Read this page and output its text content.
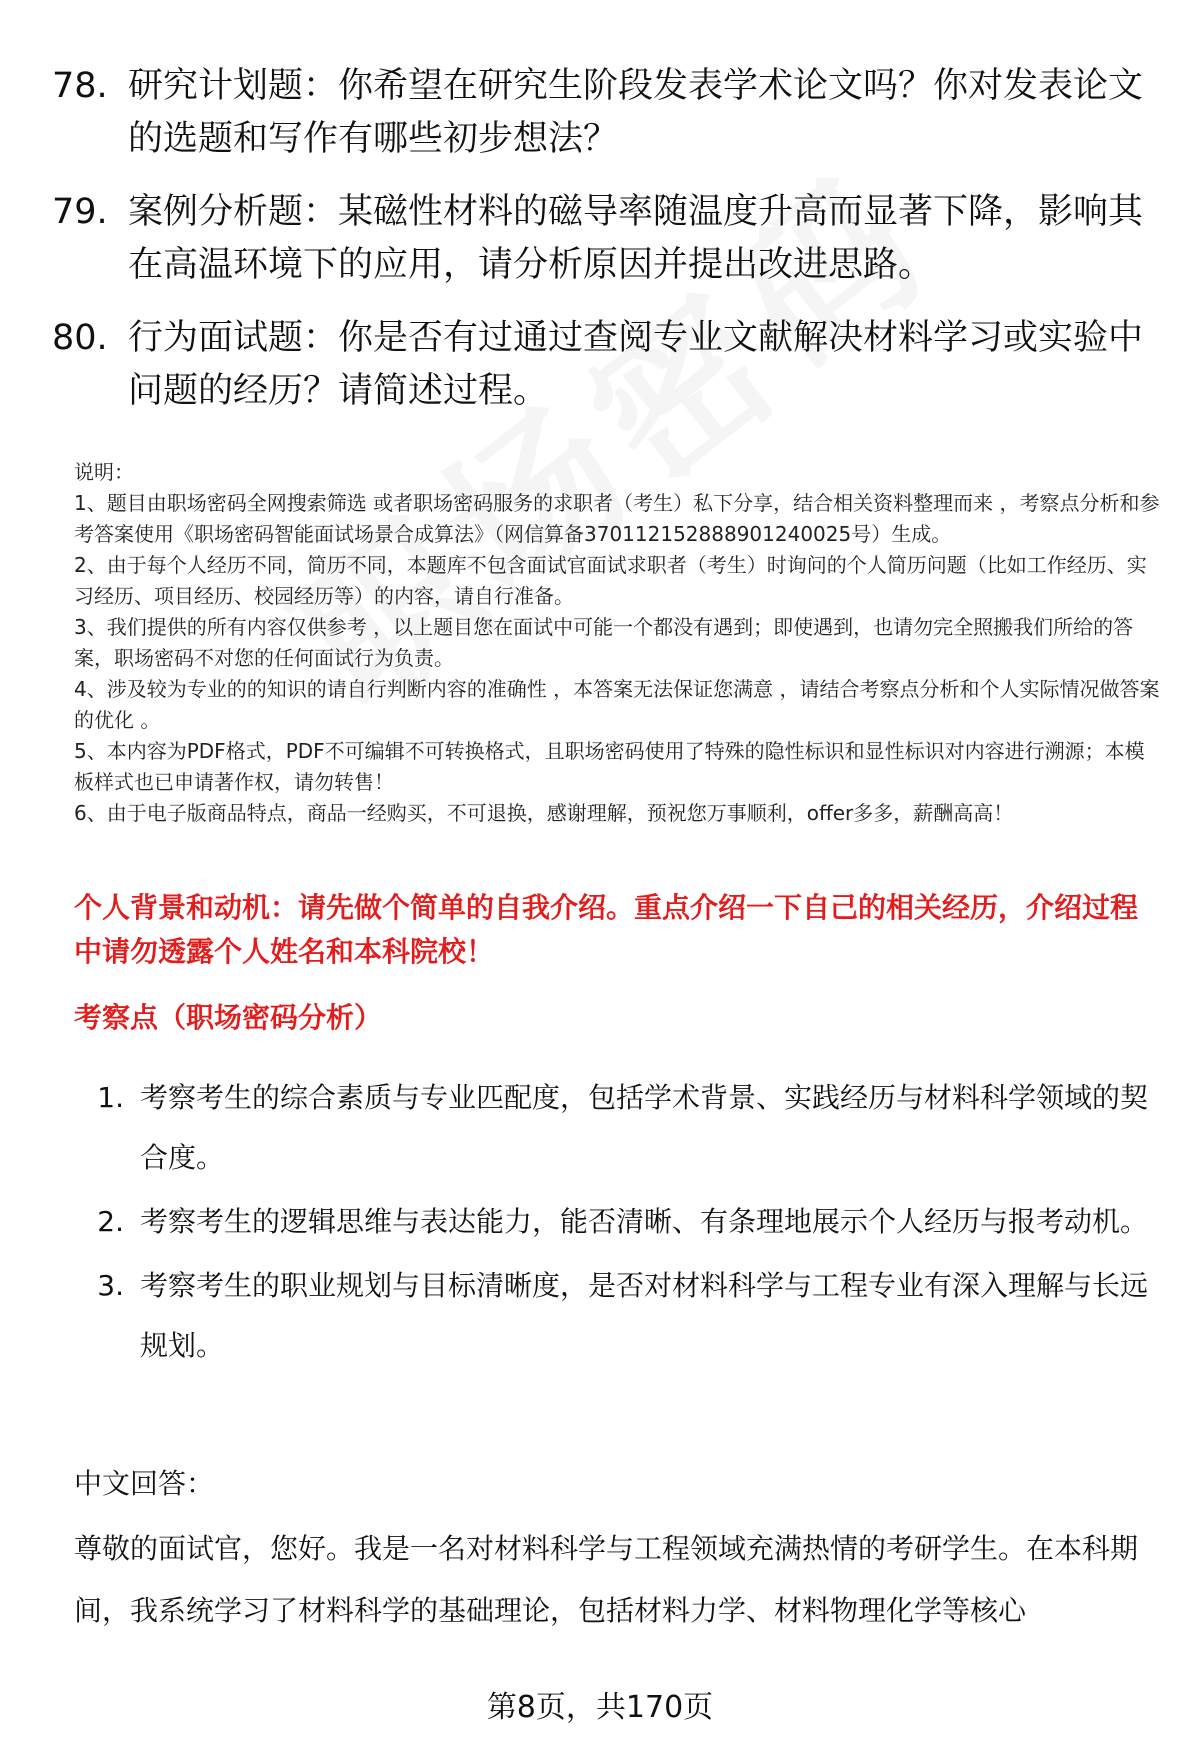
78. 研究计划题：你希望在研究生阶段发表学术论文吗？你对发表论文的选题和写作有哪些初步想法？
79. 案例分析题：某磁性材料的磁导率随温度升高而显著下降，影响其在高温环境下的应用，请分析原因并提出改进思路。
80. 行为面试题：你是否有过通过查阅专业文献解决材料学习或实验中问题的经历？请简述过程。

说明：

1、题目由职场密码全网搜索筛选 或者职场密码服务的求职者（考生）私下分享，结合相关资料整理而来 ，考察点分析和参考答案使用《职场密码智能面试场景合成算法》（网信算备370112152888901240025号）生成。

2、由于每个人经历不同，简历不同，本题库不包含面试官面试求职者（考生）时询问的个人简历问题（比如工作经历、实习经历、项目经历、校园经历等）的内容，请自行准备。

3、我们提供的所有内容仅供参考 ，以上题目您在面试中可能一个都没有遇到；即使遇到，也请勿完全照搬我们所给的答案，职场密码不对您的任何面试行为负责。

4、涉及较为专业的的知识的请自行判断内容的准确性 ，本答案无法保证您满意 ，请结合考察点分析和个人实际情况做答案的优化 。

5、本内容为PDF格式，PDF不可编辑不可转换格式，且职场密码使用了特殊的隐性标识和显性标识对内容进行溯源；本模板样式也已申请著作权，请勿转售！

6、由于电子版商品特点，商品一经购买，不可退换，感谢理解，预祝您万事顺利，offer多多，薪酬高高！

个人背景和动机：请先做个简单的自我介绍。重点介绍一下自己的相关经历，介绍过程中请勿透露个人姓名和本科院校！
考察点（职场密码分析）
1. 考察考生的综合素质与专业匹配度，包括学术背景、实践经历与材料科学领域的契合度。
2. 考察考生的逻辑思维与表达能力，能否清晰、有条理地展示个人经历与报考动机。
3. 考察考生的职业规划与目标清晰度，是否对材料科学与工程专业有深入理解与长远规划。
中文回答：
尊敬的面试官，您好。我是一名对材料科学与工程领域充满热情的考研学生。在本科期间，我系统学习了材料科学的基础理论，包括材料力学、材料物理化学等核心
第8页，共170页
